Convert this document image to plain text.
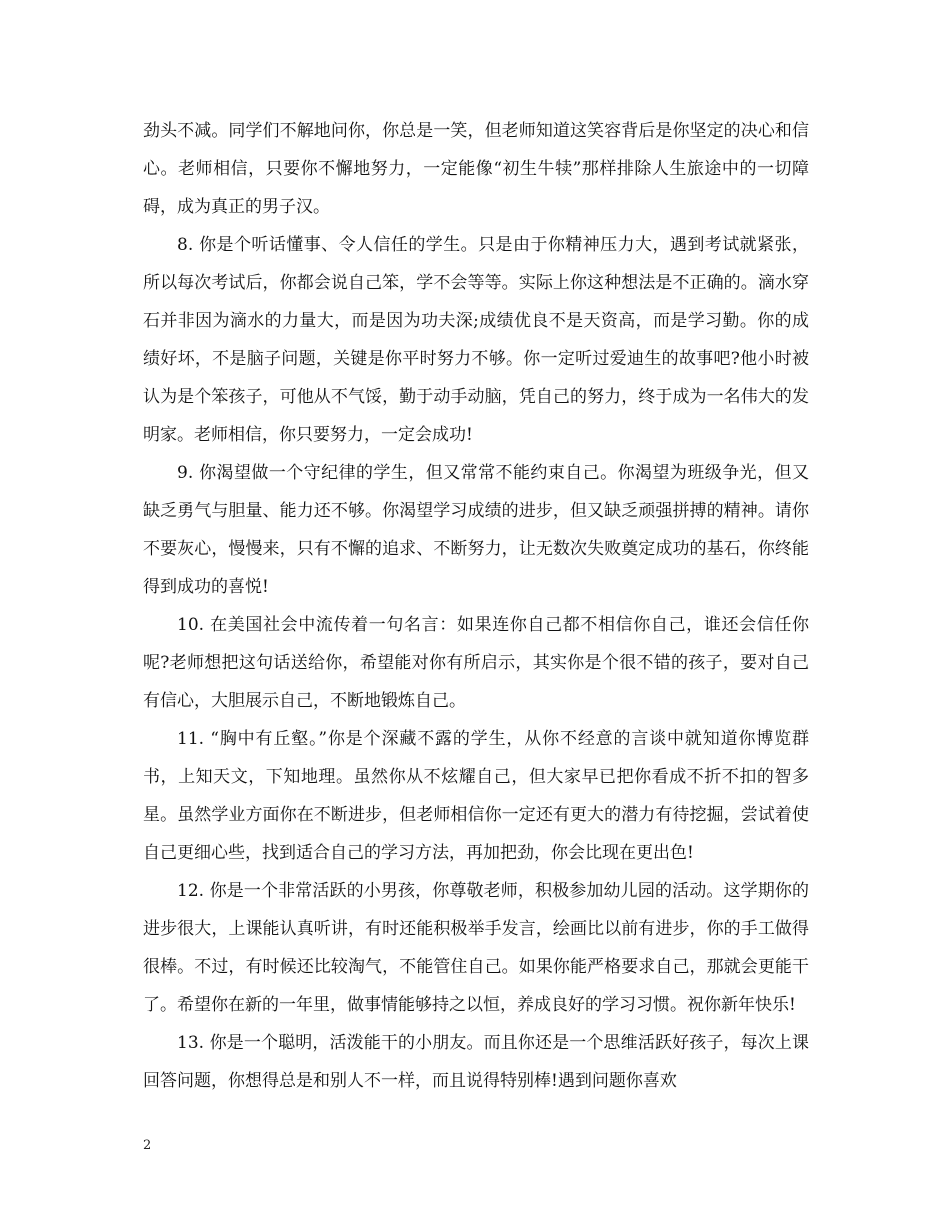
劲头不减。同学们不解地问你，你总是一笑，但老师知道这笑容背后是你坚定的决心和信心。老师相信，只要你不懈地努力，一定能像“初生牛犊”那样排除人生旅途中的一切障碍，成为真正的男子汉。

8. 你是个听话懂事、令人信任的学生。只是由于你精神压力大，遇到考试就紧张，所以每次考试后，你都会说自己笨，学不会等等。实际上你这种想法是不正确的。滴水穿石并非因为滴水的力量大，而是因为功夫深;成绩优良不是天资高，而是学习勤。你的成绩好坏，不是脑子问题，关键是你平时努力不够。你一定听过爱迪生的故事吧?他小时被认为是个笨孩子，可他从不气馁，勤于动手动脑，凭自己的努力，终于成为一名伟大的发明家。老师相信，你只要努力，一定会成功!

9. 你渴望做一个守纪律的学生，但又常常不能约束自己。你渴望为班级争光，但又缺乏勇气与胆量、能力还不够。你渴望学习成绩的进步，但又缺乏顽强拼搏的精神。请你不要灰心，慢慢来，只有不懈的追求、不断努力，让无数次失败奠定成功的基石，你终能得到成功的喜悦!

10. 在美国社会中流传着一句名言：如果连你自己都不相信你自己，谁还会信任你呢?老师想把这句话送给你，希望能对你有所启示，其实你是个很不错的孩子，要对自己有信心，大胆展示自己，不断地锻炼自己。

11. “胸中有丘壑。”你是个深藏不露的学生，从你不经意的言谈中就知道你博览群书，上知天文，下知地理。虽然你从不炫耀自己，但大家早已把你看成不折不扣的智多星。虽然学业方面你在不断进步，但老师相信你一定还有更大的潜力有待挖掘，尝试着使自己更细心些，找到适合自己的学习方法，再加把劲，你会比现在更出色!

12. 你是一个非常活跃的小男孩，你尊敬老师，积极参加幼儿园的活动。这学期你的进步很大，上课能认真听讲，有时还能积极举手发言，绘画比以前有进步，你的手工做得很棒。不过，有时候还比较淘气，不能管住自己。如果你能严格要求自己，那就会更能干了。希望你在新的一年里，做事情能够持之以恒，养成良好的学习习惯。祝你新年快乐!

13. 你是一个聪明，活泼能干的小朋友。而且你还是一个思维活跃好孩子，每次上课回答问题，你想得总是和别人不一样，而且说得特别棒!遇到问题你喜欢

2
